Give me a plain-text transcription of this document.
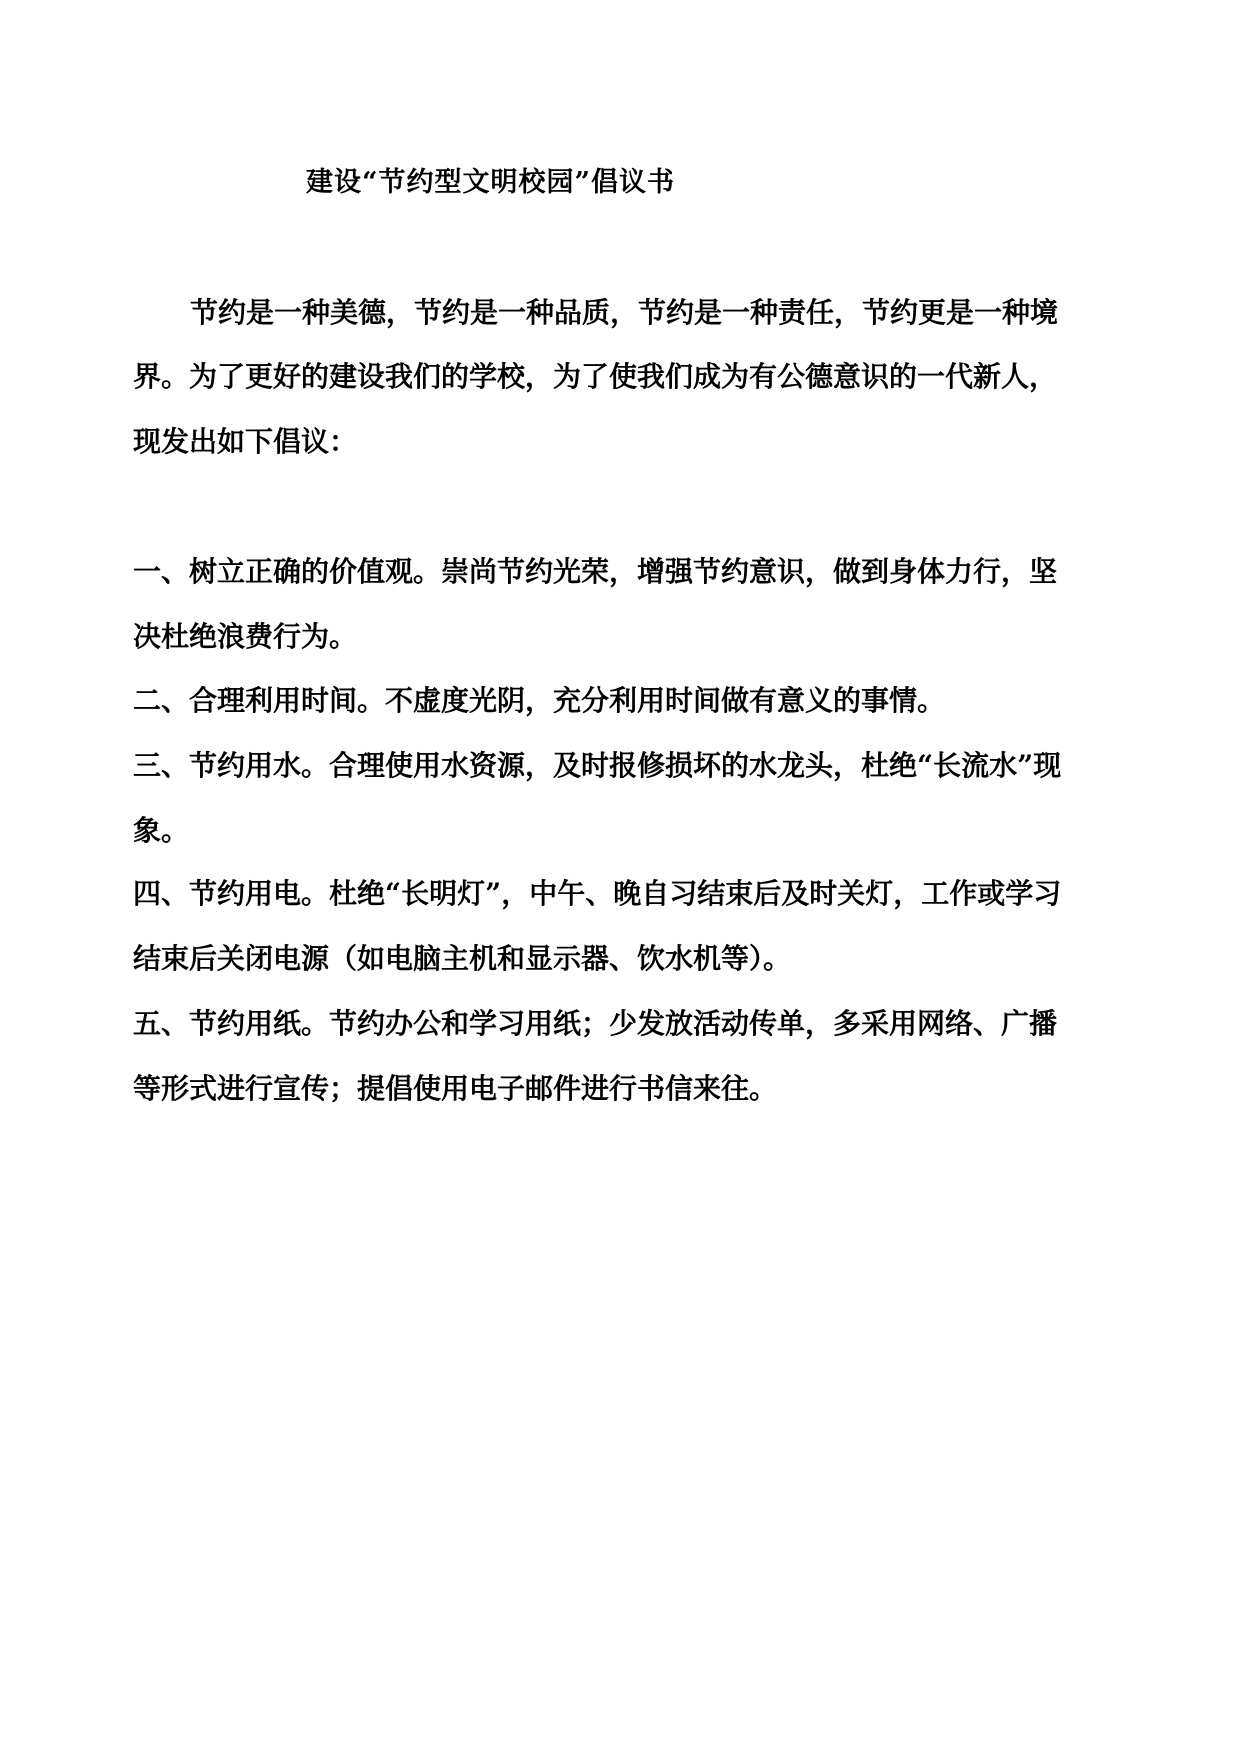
建设“节约型文明校园”倡议书
节约是一种美德，节约是一种品质，节约是一种责任，节约更是一种境
界。为了更好的建设我们的学校，为了使我们成为有公德意识的一代新人，
现发出如下倡议：
一、树立正确的价值观。崇尚节约光荣，增强节约意识，做到身体力行，坚
决杜绝浪费行为。
二、合理利用时间。不虚度光阴，充分利用时间做有意义的事情。
三、节约用水。合理使用水资源，及时报修损坏的水龙头，杜绝“长流水”现
象。
四、节约用电。杜绝“长明灯”，中午、晚自习结束后及时关灯，工作或学习
结束后关闭电源（如电脑主机和显示器、饮水机等）。
五、节约用纸。节约办公和学习用纸；少发放活动传单，多采用网络、广播
等形式进行宣传；提倡使用电子邮件进行书信来往。
